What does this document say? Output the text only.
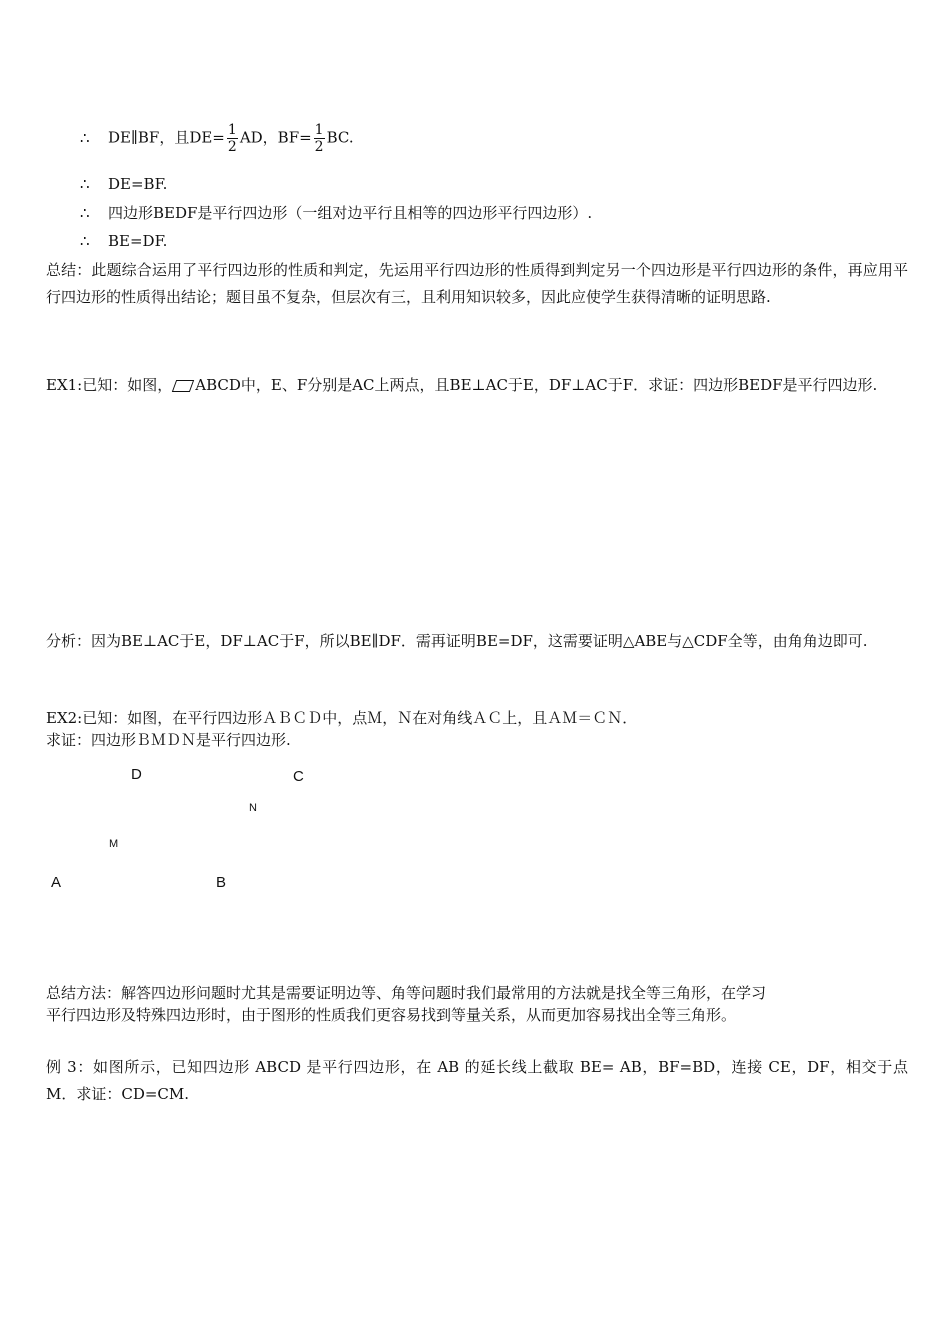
∴ DE∥BF，且$DE= \frac{1}{2}$ AD，$BF= \frac{1}{2}$ BC.
∴ DE=BF.
∴ 四边形BEDF是平行四边形（一组对边平行且相等的四边形平行四边形）.
∴ BE=DF.

总结：此题综合运用了平行四边形的性质和判定，先运用平行四边形的性质得到判定另一个四边形是平行四边形的条件，再应用平行四边形的性质得出结论；题目虽不复杂，但层次有三，且利用知识较多，因此应使学生获得清晰的证明思路.

EX1:已知：如图， ABCD中，E、F分别是AC上两点，且BE⊥AC于E，DF⊥AC于F．求证：四边形BEDF是平行四边形.

分析：因为BE⊥AC于E，DF⊥AC于F，所以BE∥DF．需再证明BE=DF，这需要证明△ABE与△CDF全等，由角角边即可.

EX2:已知：如图，在平行四边形ＡＢＣＤ中，点Ｍ，Ｎ在对角线ＡＣ上，且ＡＭ＝ＣＮ．

求证：四边形ＢＭＤＮ是平行四边形.

D	C
N
M
A	B

总结方法：解答四边形问题时尤其是需要证明边等、角等问题时我们最常用的方法就是找全等三角形，在学习

平行四边形及特殊四边形时，由于图形的性质我们更容易找到等量关系，从而更加容易找出全等三角形。

例 3：如图所示，已知四边形 ABCD 是平行四边形，在 AB 的延长线上截取 BE= AB，BF=BD，连接 CE，DF，相交于点 M．求证：CD=CM.
